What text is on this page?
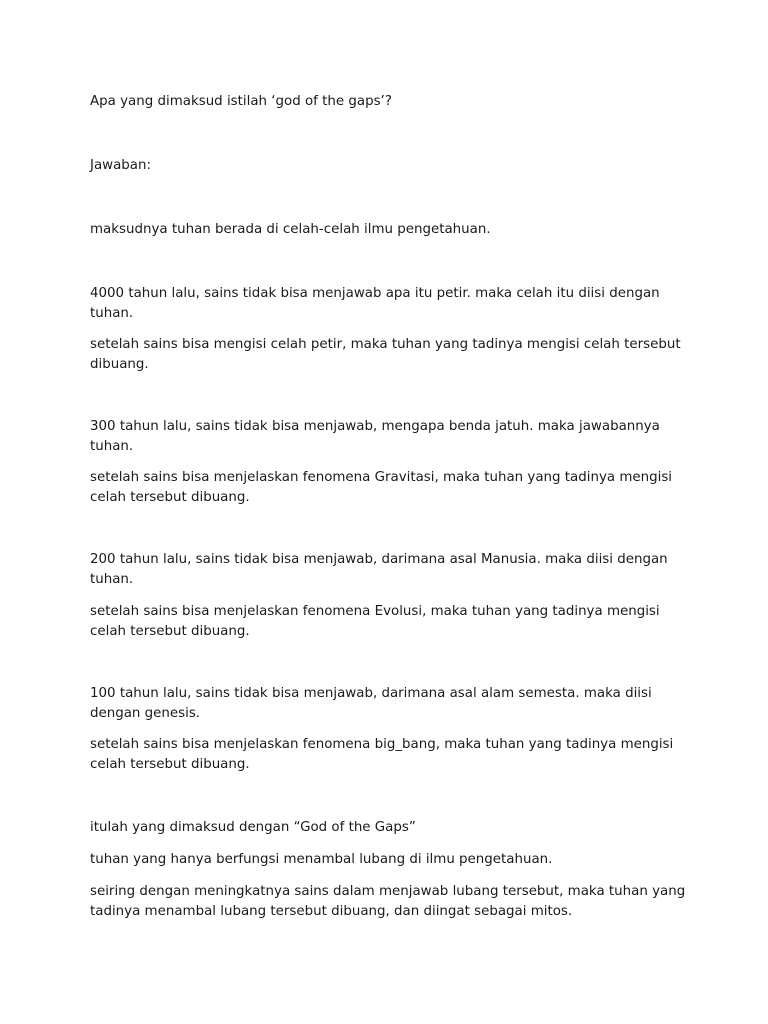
Apa yang dimaksud istilah ‘god of the gaps’?

Jawaban:

maksudnya tuhan berada di celah-celah ilmu pengetahuan.

4000 tahun lalu, sains tidak bisa menjawab apa itu petir. maka celah itu diisi dengan tuhan.

setelah sains bisa mengisi celah petir, maka tuhan yang tadinya mengisi celah tersebut dibuang.

300 tahun lalu, sains tidak bisa menjawab, mengapa benda jatuh. maka jawabannya tuhan.

setelah sains bisa menjelaskan fenomena Gravitasi, maka tuhan yang tadinya mengisi celah tersebut dibuang.

200 tahun lalu, sains tidak bisa menjawab, darimana asal Manusia. maka diisi dengan tuhan.

setelah sains bisa menjelaskan fenomena Evolusi, maka tuhan yang tadinya mengisi celah tersebut dibuang.

100 tahun lalu, sains tidak bisa menjawab, darimana asal alam semesta. maka diisi dengan genesis.

setelah sains bisa menjelaskan fenomena big_bang, maka tuhan yang tadinya mengisi celah tersebut dibuang.

itulah yang dimaksud dengan “God of the Gaps”

tuhan yang hanya berfungsi menambal lubang di ilmu pengetahuan.

seiring dengan meningkatnya sains dalam menjawab lubang tersebut, maka tuhan yang tadinya menambal lubang tersebut dibuang, dan diingat sebagai mitos.
